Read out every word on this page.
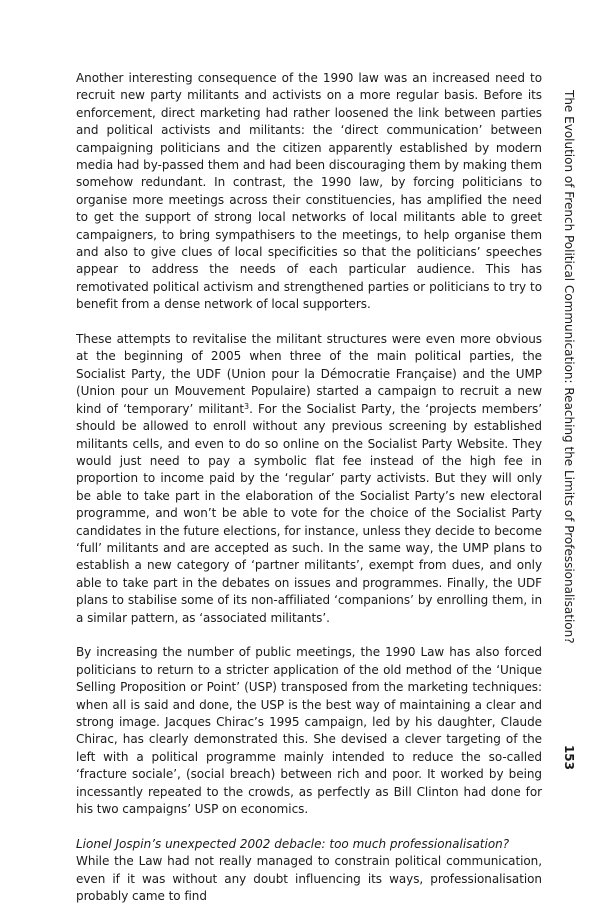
Another interesting consequence of the 1990 law was an increased need to recruit new party militants and activists on a more regular basis. Before its enforcement, direct marketing had rather loosened the link between parties and political activists and militants: the ‘direct communication’ between campaigning politicians and the citizen apparently established by modern media had by-passed them and had been discouraging them by making them somehow redundant. In contrast, the 1990 law, by forcing politicians to organise more meetings across their constituencies, has amplified the need to get the support of strong local networks of local militants able to greet campaigners, to bring sympathisers to the meetings, to help organise them and also to give clues of local specificities so that the politicians’ speeches appear to address the needs of each particular audience. This has remotivated political activism and strengthened parties or politicians to try to benefit from a dense network of local supporters.

These attempts to revitalise the militant structures were even more obvious at the beginning of 2005 when three of the main political parties, the Socialist Party, the UDF (Union pour la Démocratie Française) and the UMP (Union pour un Mouvement Populaire) started a campaign to recruit a new kind of ‘temporary’ militant$^3$. For the Socialist Party, the ‘projects members’ should be allowed to enroll without any previous screening by established militants cells, and even to do so online on the Socialist Party Website. They would just need to pay a symbolic flat fee instead of the high fee in proportion to income paid by the ‘regular’ party activists. But they will only be able to take part in the elaboration of the Socialist Party’s new electoral programme, and won’t be able to vote for the choice of the Socialist Party candidates in the future elections, for instance, unless they decide to become ‘full’ militants and are accepted as such. In the same way, the UMP plans to establish a new category of ‘partner militants’, exempt from dues, and only able to take part in the debates on issues and programmes. Finally, the UDF plans to stabilise some of its non-affiliated ‘companions’ by enrolling them, in a similar pattern, as ‘associated militants’.

By increasing the number of public meetings, the 1990 Law has also forced politicians to return to a stricter application of the old method of the ‘Unique Selling Proposition or Point’ (USP) transposed from the marketing techniques: when all is said and done, the USP is the best way of maintaining a clear and strong image. Jacques Chirac’s 1995 campaign, led by his daughter, Claude Chirac, has clearly demonstrated this. She devised a clever targeting of the left with a political programme mainly intended to reduce the so-called ‘fracture sociale’, (social breach) between rich and poor. It worked by being incessantly repeated to the crowds, as perfectly as Bill Clinton had done for his two campaigns’ USP on economics.

Lionel Jospin’s unexpected 2002 debacle: too much professionalisation?

While the Law had not really managed to constrain political communication, even if it was without any doubt influencing its ways, professionalisation probably came to find

The Evolution of French Political Communication: Reaching the Limits of Professionalisation?
153
